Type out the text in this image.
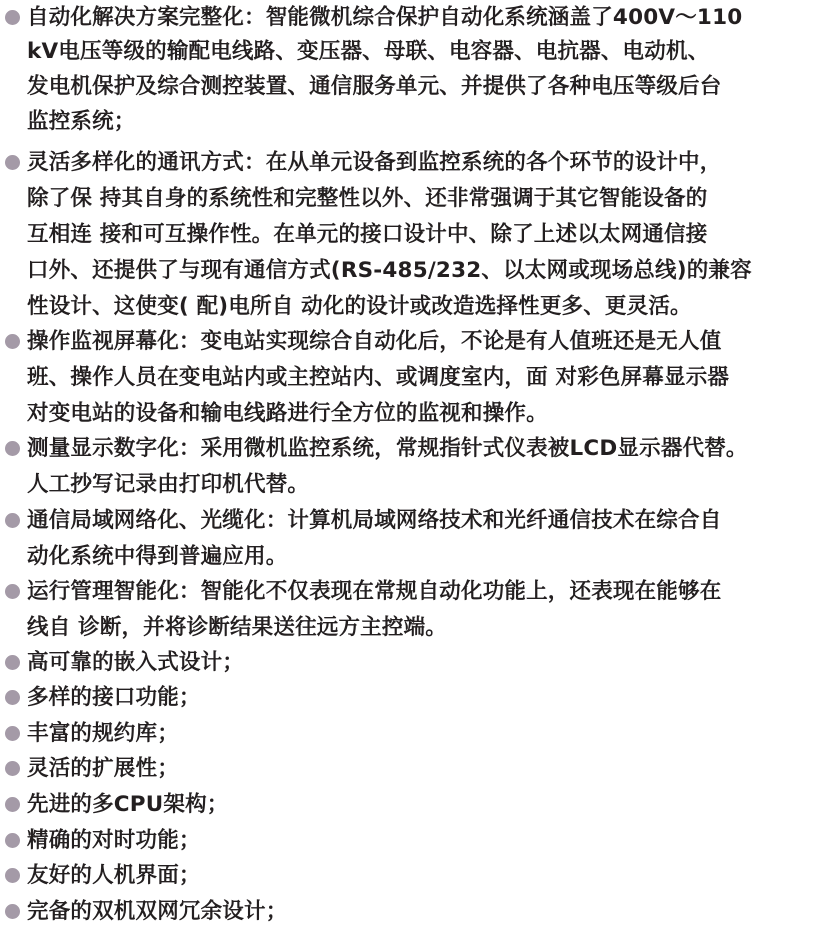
自动化解决方案完整化：智能微机综合保护自动化系统涵盖了400V～110
kV电压等级的输配电线路、变压器、母联、电容器、电抗器、电动机、
发电机保护及综合测控装置、通信服务单元、并提供了各种电压等级后台
监控系统；
灵活多样化的通讯方式：在从单元设备到监控系统的各个环节的设计中，
除了保 持其自身的系统性和完整性以外、还非常强调于其它智能设备的
互相连 接和可互操作性。在单元的接口设计中、除了上述以太网通信接
口外、还提供了与现有通信方式(RS-485/232、以太网或现场总线)的兼容
性设计、这使变( 配)电所自 动化的设计或改造选择性更多、更灵活。
操作监视屏幕化：变电站实现综合自动化后，不论是有人值班还是无人值
班、操作人员在变电站内或主控站内、或调度室内，面 对彩色屏幕显示器
对变电站的设备和输电线路进行全方位的监视和操作。
测量显示数字化：采用微机监控系统，常规指针式仪表被LCD显示器代替。
人工抄写记录由打印机代替。
通信局域网络化、光缆化：计算机局域网络技术和光纤通信技术在综合自
动化系统中得到普遍应用。
运行管理智能化：智能化不仅表现在常规自动化功能上，还表现在能够在
线自 诊断，并将诊断结果送往远方主控端。
高可靠的嵌入式设计；
多样的接口功能；
丰富的规约库；
灵活的扩展性；
先进的多CPU架构；
精确的对时功能；
友好的人机界面；
完备的双机双网冗余设计；
